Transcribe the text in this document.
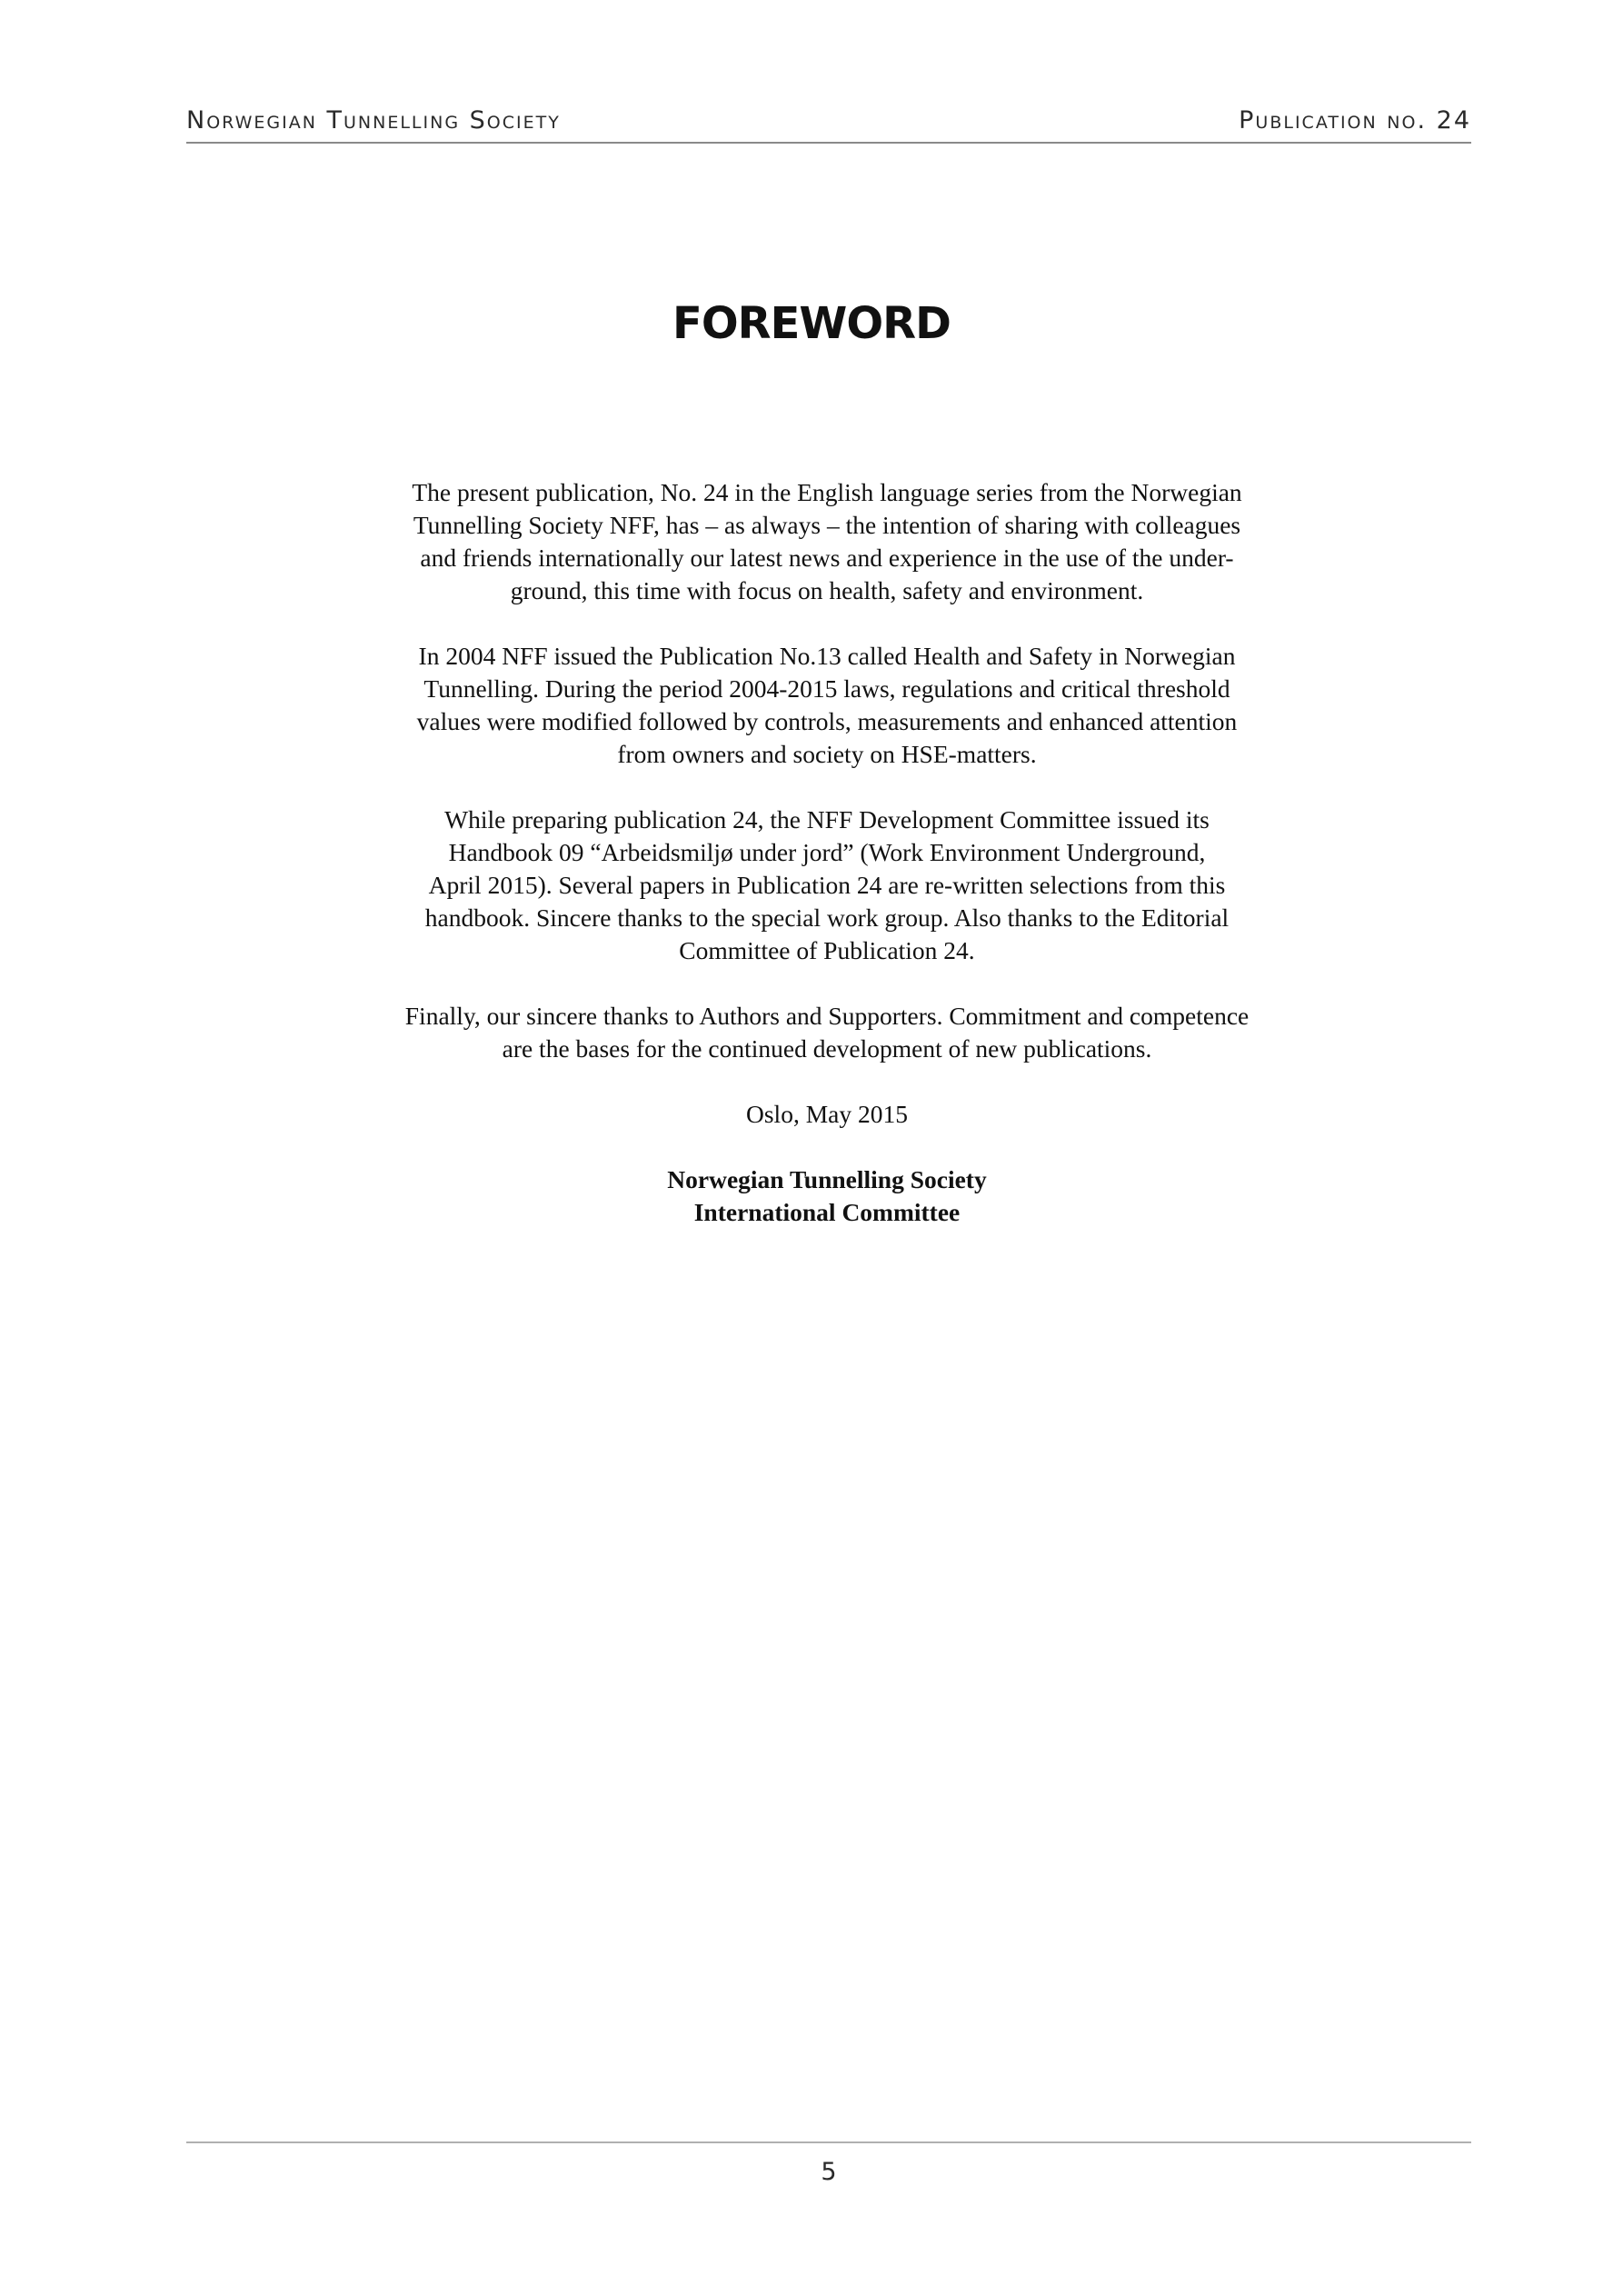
Norwegian Tunnelling Society	Publication no. 24
FOREWORD

The present publication, No. 24 in the English language series from the Norwegian
Tunnelling Society NFF, has – as always – the intention of sharing with colleagues
and friends internationally our latest news and experience in the use of the under-
ground, this time with focus on health, safety and environment.

In 2004 NFF issued the Publication No.13 called Health and Safety in Norwegian
Tunnelling. During the period 2004-2015 laws, regulations and critical threshold
values were modified followed by controls, measurements and enhanced attention
from owners and society on HSE-matters.

While preparing publication 24, the NFF Development Committee issued its
Handbook 09 “Arbeidsmiljø under jord” (Work Environment Underground,
April 2015). Several papers in Publication 24 are re-written selections from this
handbook. Sincere thanks to the special work group. Also thanks to the Editorial
Committee of Publication 24.

Finally, our sincere thanks to Authors and Supporters. Commitment and competence
are the bases for the continued development of new publications.

Oslo, May 2015

Norwegian Tunnelling Society
International Committee

5
